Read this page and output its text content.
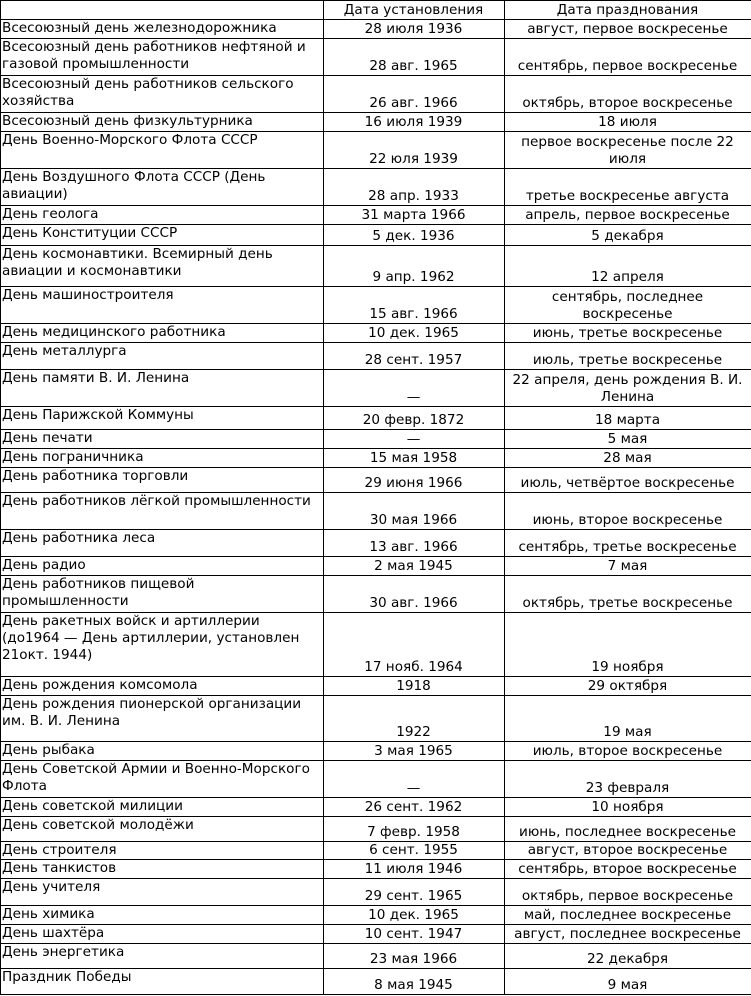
	Дата установления	Дата празднования
Всесоюзный день железнодорожника	28 июля 1936	август, первое воскресенье
Всесоюзный день работников нефтяной и газовой промышленности	28 авг. 1965	сентябрь, первое воскресенье
Всесоюзный день работников сельского хозяйства	26 авг. 1966	октябрь, второе воскресенье
Всесоюзный день физкультурника	16 июля 1939	18 июля
День Военно-Морского Флота СССР	22 юля 1939	первое воскресенье после 22 июля
День Воздушного Флота СССР (День авиации)	28 апр. 1933	третье воскресенье августа
День геолога	31 марта 1966	апрель, первое воскресенье
День Конституции СССР	5 дек. 1936	5 декабря
День космонавтики. Всемирный день авиации и космонавтики	9 апр. 1962	12 апреля
День машиностроителя	15 авг. 1966	сентябрь, последнее воскресенье
День медицинского работника	10 дек. 1965	июнь, третье воскресенье
День металлурга	28 сент. 1957	июль, третье воскресенье
День памяти В. И. Ленина	—	22 апреля, день рождения В. И. Ленина
День Парижской Коммуны	20 февр. 1872	18 марта
День печати	—	5 мая
День пограничника	15 мая 1958	28 мая
День работника торговли	29 июня 1966	июль, четвёртое воскресенье
День работников лёгкой промышленности	30 мая 1966	июнь, второе воскресенье
День работника леса	13 авг. 1966	сентябрь, третье воскресенье
День радио	2 мая 1945	7 мая
День работников пищевой промышленности	30 авг. 1966	октябрь, третье воскресенье
День ракетных войск и артиллерии (до1964 — День артиллерии, установлен 21окт. 1944)	17 нояб. 1964	19 ноября
День рождения комсомола	1918	29 октября
День рождения пионерской организации им. В. И. Ленина	1922	19 мая
День рыбака	3 мая 1965	июль, второе воскресенье
День Советской Армии и Военно-Морского Флота	—	23 февраля
День советской милиции	26 сент. 1962	10 ноября
День советской молодёжи	7 февр. 1958	июнь, последнее воскресенье
День строителя	6 сент. 1955	август, второе воскресенье
День танкистов	11 июля 1946	сентябрь, второе воскресенье
День учителя	29 сент. 1965	октябрь, первое воскресенье
День химика	10 дек. 1965	май, последнее воскресенье
День шахтёра	10 сент. 1947	август, последнее воскресенье
День энергетика	23 мая 1966	22 декабря
Праздник Победы	8 мая 1945	9 мая
